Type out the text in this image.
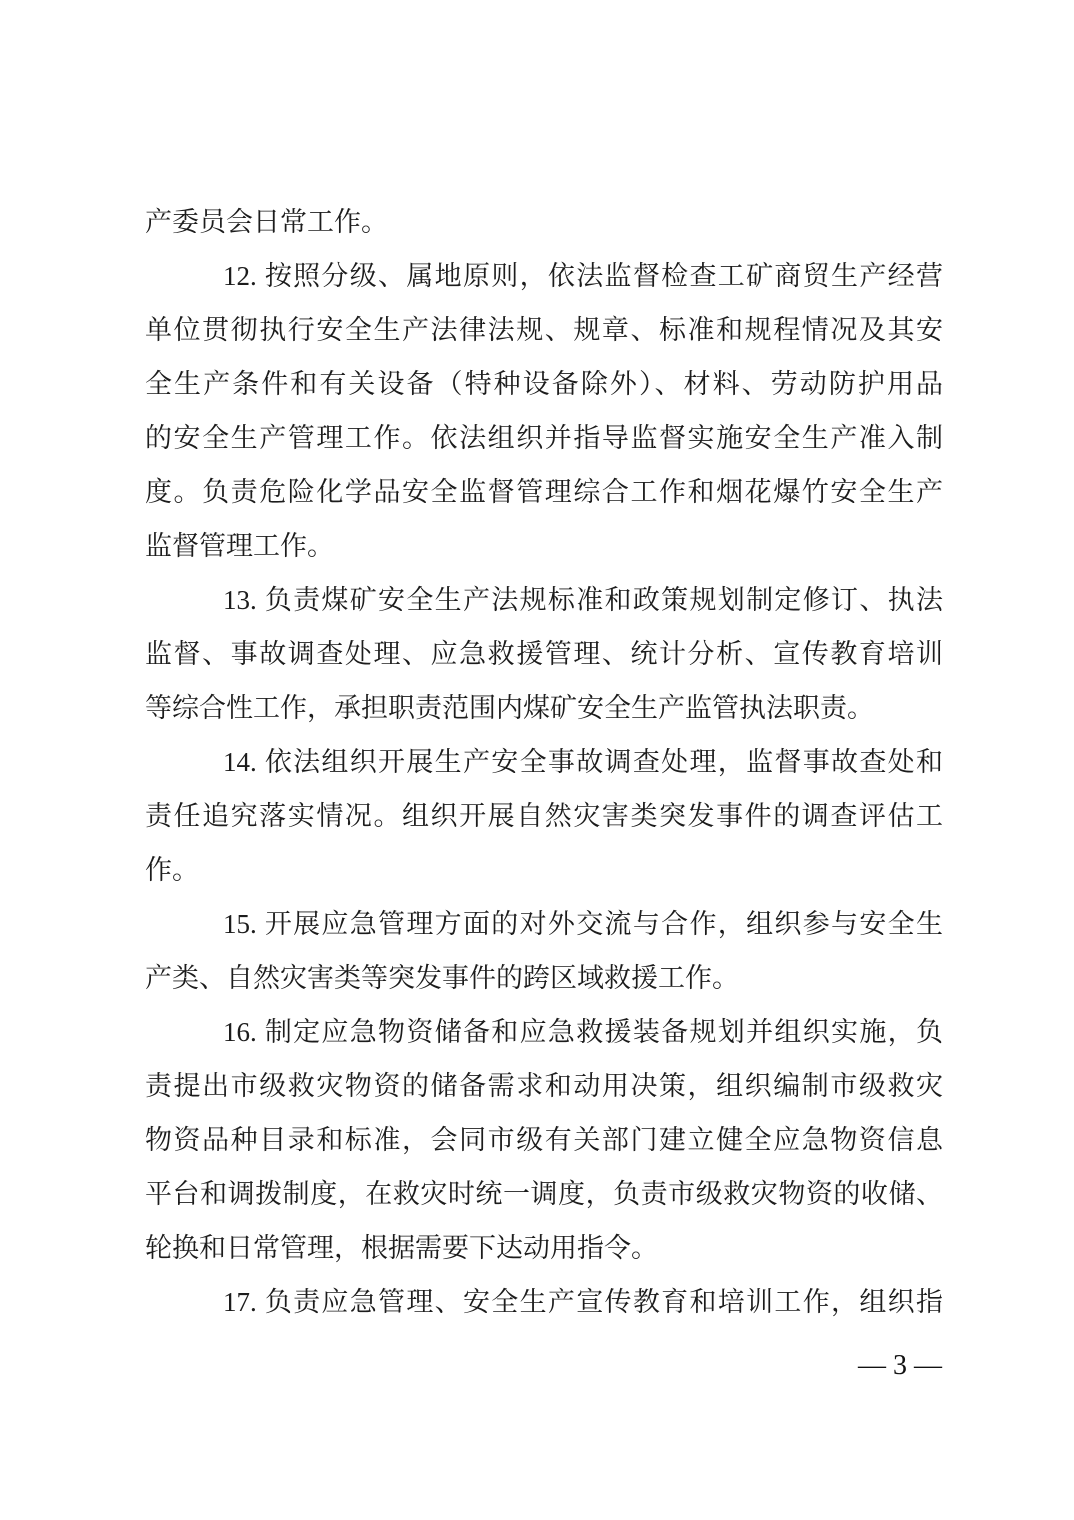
产委员会日常工作。
12. 按照分级、属地原则，依法监督检查工矿商贸生产经营
单位贯彻执行安全生产法律法规、规章、标准和规程情况及其安
全生产条件和有关设备（特种设备除外）、材料、劳动防护用品
的安全生产管理工作。依法组织并指导监督实施安全生产准入制
度。负责危险化学品安全监督管理综合工作和烟花爆竹安全生产
监督管理工作。
13. 负责煤矿安全生产法规标准和政策规划制定修订、执法
监督、事故调查处理、应急救援管理、统计分析、宣传教育培训
等综合性工作，承担职责范围内煤矿安全生产监管执法职责。
14. 依法组织开展生产安全事故调查处理，监督事故查处和
责任追究落实情况。组织开展自然灾害类突发事件的调查评估工
作。
15. 开展应急管理方面的对外交流与合作，组织参与安全生
产类、自然灾害类等突发事件的跨区域救援工作。
16. 制定应急物资储备和应急救援装备规划并组织实施，负
责提出市级救灾物资的储备需求和动用决策，组织编制市级救灾
物资品种目录和标准，会同市级有关部门建立健全应急物资信息
平台和调拨制度，在救灾时统一调度，负责市级救灾物资的收储、
轮换和日常管理，根据需要下达动用指令。
17. 负责应急管理、安全生产宣传教育和培训工作，组织指
— 3 —
